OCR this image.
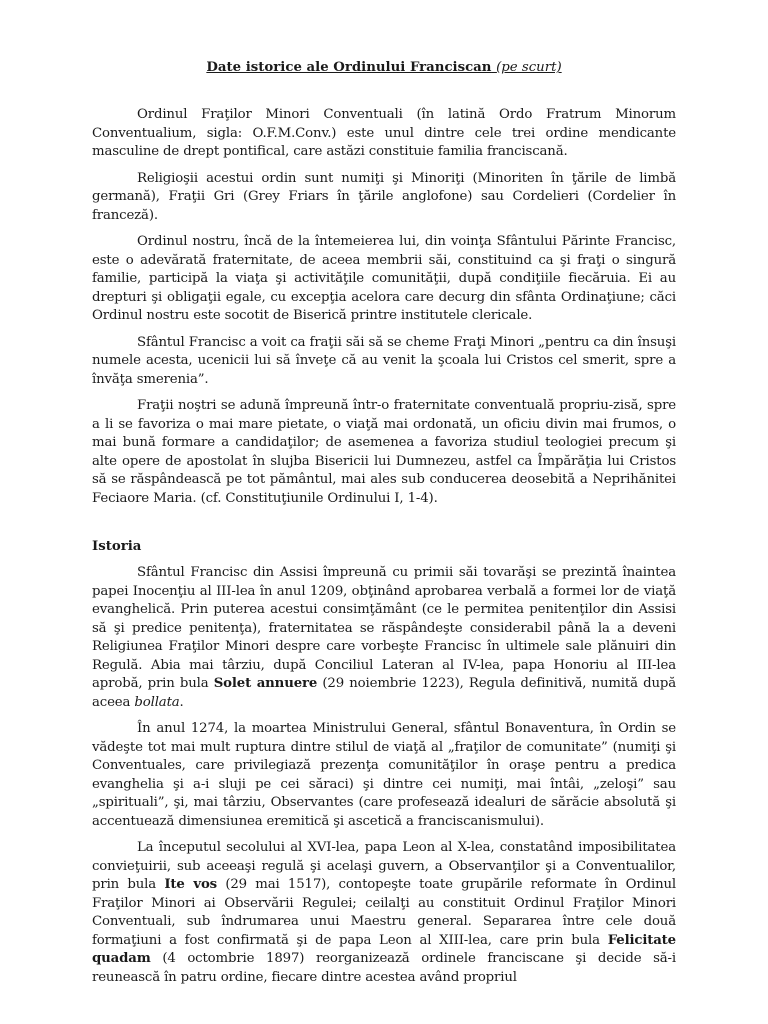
Date istorice ale Ordinului Franciscan (pe scurt)

Ordinul Fraţilor Minori Conventuali (în latină Ordo Fratrum Minorum Conventualium, sigla: O.F.M.Conv.) este unul dintre cele trei ordine mendicante masculine de drept pontifical, care astăzi constituie familia franciscană.

Religioşii acestui ordin sunt numiţi şi Minoriţi (Minoriten în ţările de limbă germană), Fraţii Gri (Grey Friars în ţările anglofone) sau Cordelieri (Cordelier în franceză).

Ordinul nostru, încă de la întemeierea lui, din voinţa Sfântului Părinte Francisc, este o adevărată fraternitate, de aceea membrii săi, constituind ca şi fraţi o singură familie, participă la viaţa şi activităţile comunităţii, după condiţiile fiecăruia. Ei au drepturi şi obligaţii egale, cu excepţia acelora care decurg din sfânta Ordinaţiune; căci Ordinul nostru este socotit de Biserică printre institutele clericale.

Sfântul Francisc a voit ca fraţii săi să se cheme Fraţi Minori „pentru ca din însuşi numele acesta, ucenicii lui să înveţe că au venit la şcoala lui Cristos cel smerit, spre a învăţa smerenia”.

Fraţii noştri se adună împreună într-o fraternitate conventuală propriu-zisă, spre a li se favoriza o mai mare pietate, o viaţă mai ordonată, un oficiu divin mai frumos, o mai bună formare a candidaţilor; de asemenea a favoriza studiul teologiei precum şi alte opere de apostolat în slujba Bisericii lui Dumnezeu, astfel ca Împărăţia lui Cristos să se răspândească pe tot pământul, mai ales sub conducerea deosebită a Neprihănitei Feciaore Maria. (cf. Constituţiunile Ordinului I, 1-4).

Istoria

Sfântul Francisc din Assisi împreună cu primii săi tovarăşi se prezintă înaintea papei Inocenţiu al III-lea în anul 1209, obţinând aprobarea verbală a formei lor de viaţă evanghelică. Prin puterea acestui consimţământ (ce le permitea penitenţilor din Assisi să şi predice penitenţa), fraternitatea se răspândeşte considerabil până la a deveni Religiunea Fraţilor Minori despre care vorbeşte Francisc în ultimele sale plănuiri din Regulă. Abia mai târziu, după Conciliul Lateran al IV-lea, papa Honoriu al III-lea aprobă, prin bula Solet annuere (29 noiembrie 1223), Regula definitivă, numită după aceea bollata.

În anul 1274, la moartea Ministrului General, sfântul Bonaventura, în Ordin se vădeşte tot mai mult ruptura dintre stilul de viaţă al „fraţilor de comunitate” (numiţi şi Conventuales, care privilegiază prezenţa comunităţilor în oraşe pentru a predica evanghelia şi a-i sluji pe cei săraci) şi dintre cei numiţi, mai întâi, „zeloşi” sau „spirituali”, şi, mai târziu, Observantes (care profesează idealuri de sărăcie absolută şi accentuează dimensiunea eremitică şi ascetică a franciscanismului).

La începutul secolului al XVI-lea, papa Leon al X-lea, constatând imposibilitatea convieţuirii, sub aceeaşi regulă şi acelaşi guvern, a Observanţilor şi a Conventualilor, prin bula Ite vos (29 mai 1517), contopeşte toate grupările reformate în Ordinul Fraţilor Minori ai Observării Regulei; ceilalţi au constituit Ordinul Fraţilor Minori Conventuali, sub îndrumarea unui Maestru general. Separarea între cele două formaţiuni a fost confirmată şi de papa Leon al XIII-lea, care prin bula Felicitate quadam (4 octombrie 1897) reorganizează ordinele franciscane şi decide să-i reunească în patru ordine, fiecare dintre acestea având propriul
